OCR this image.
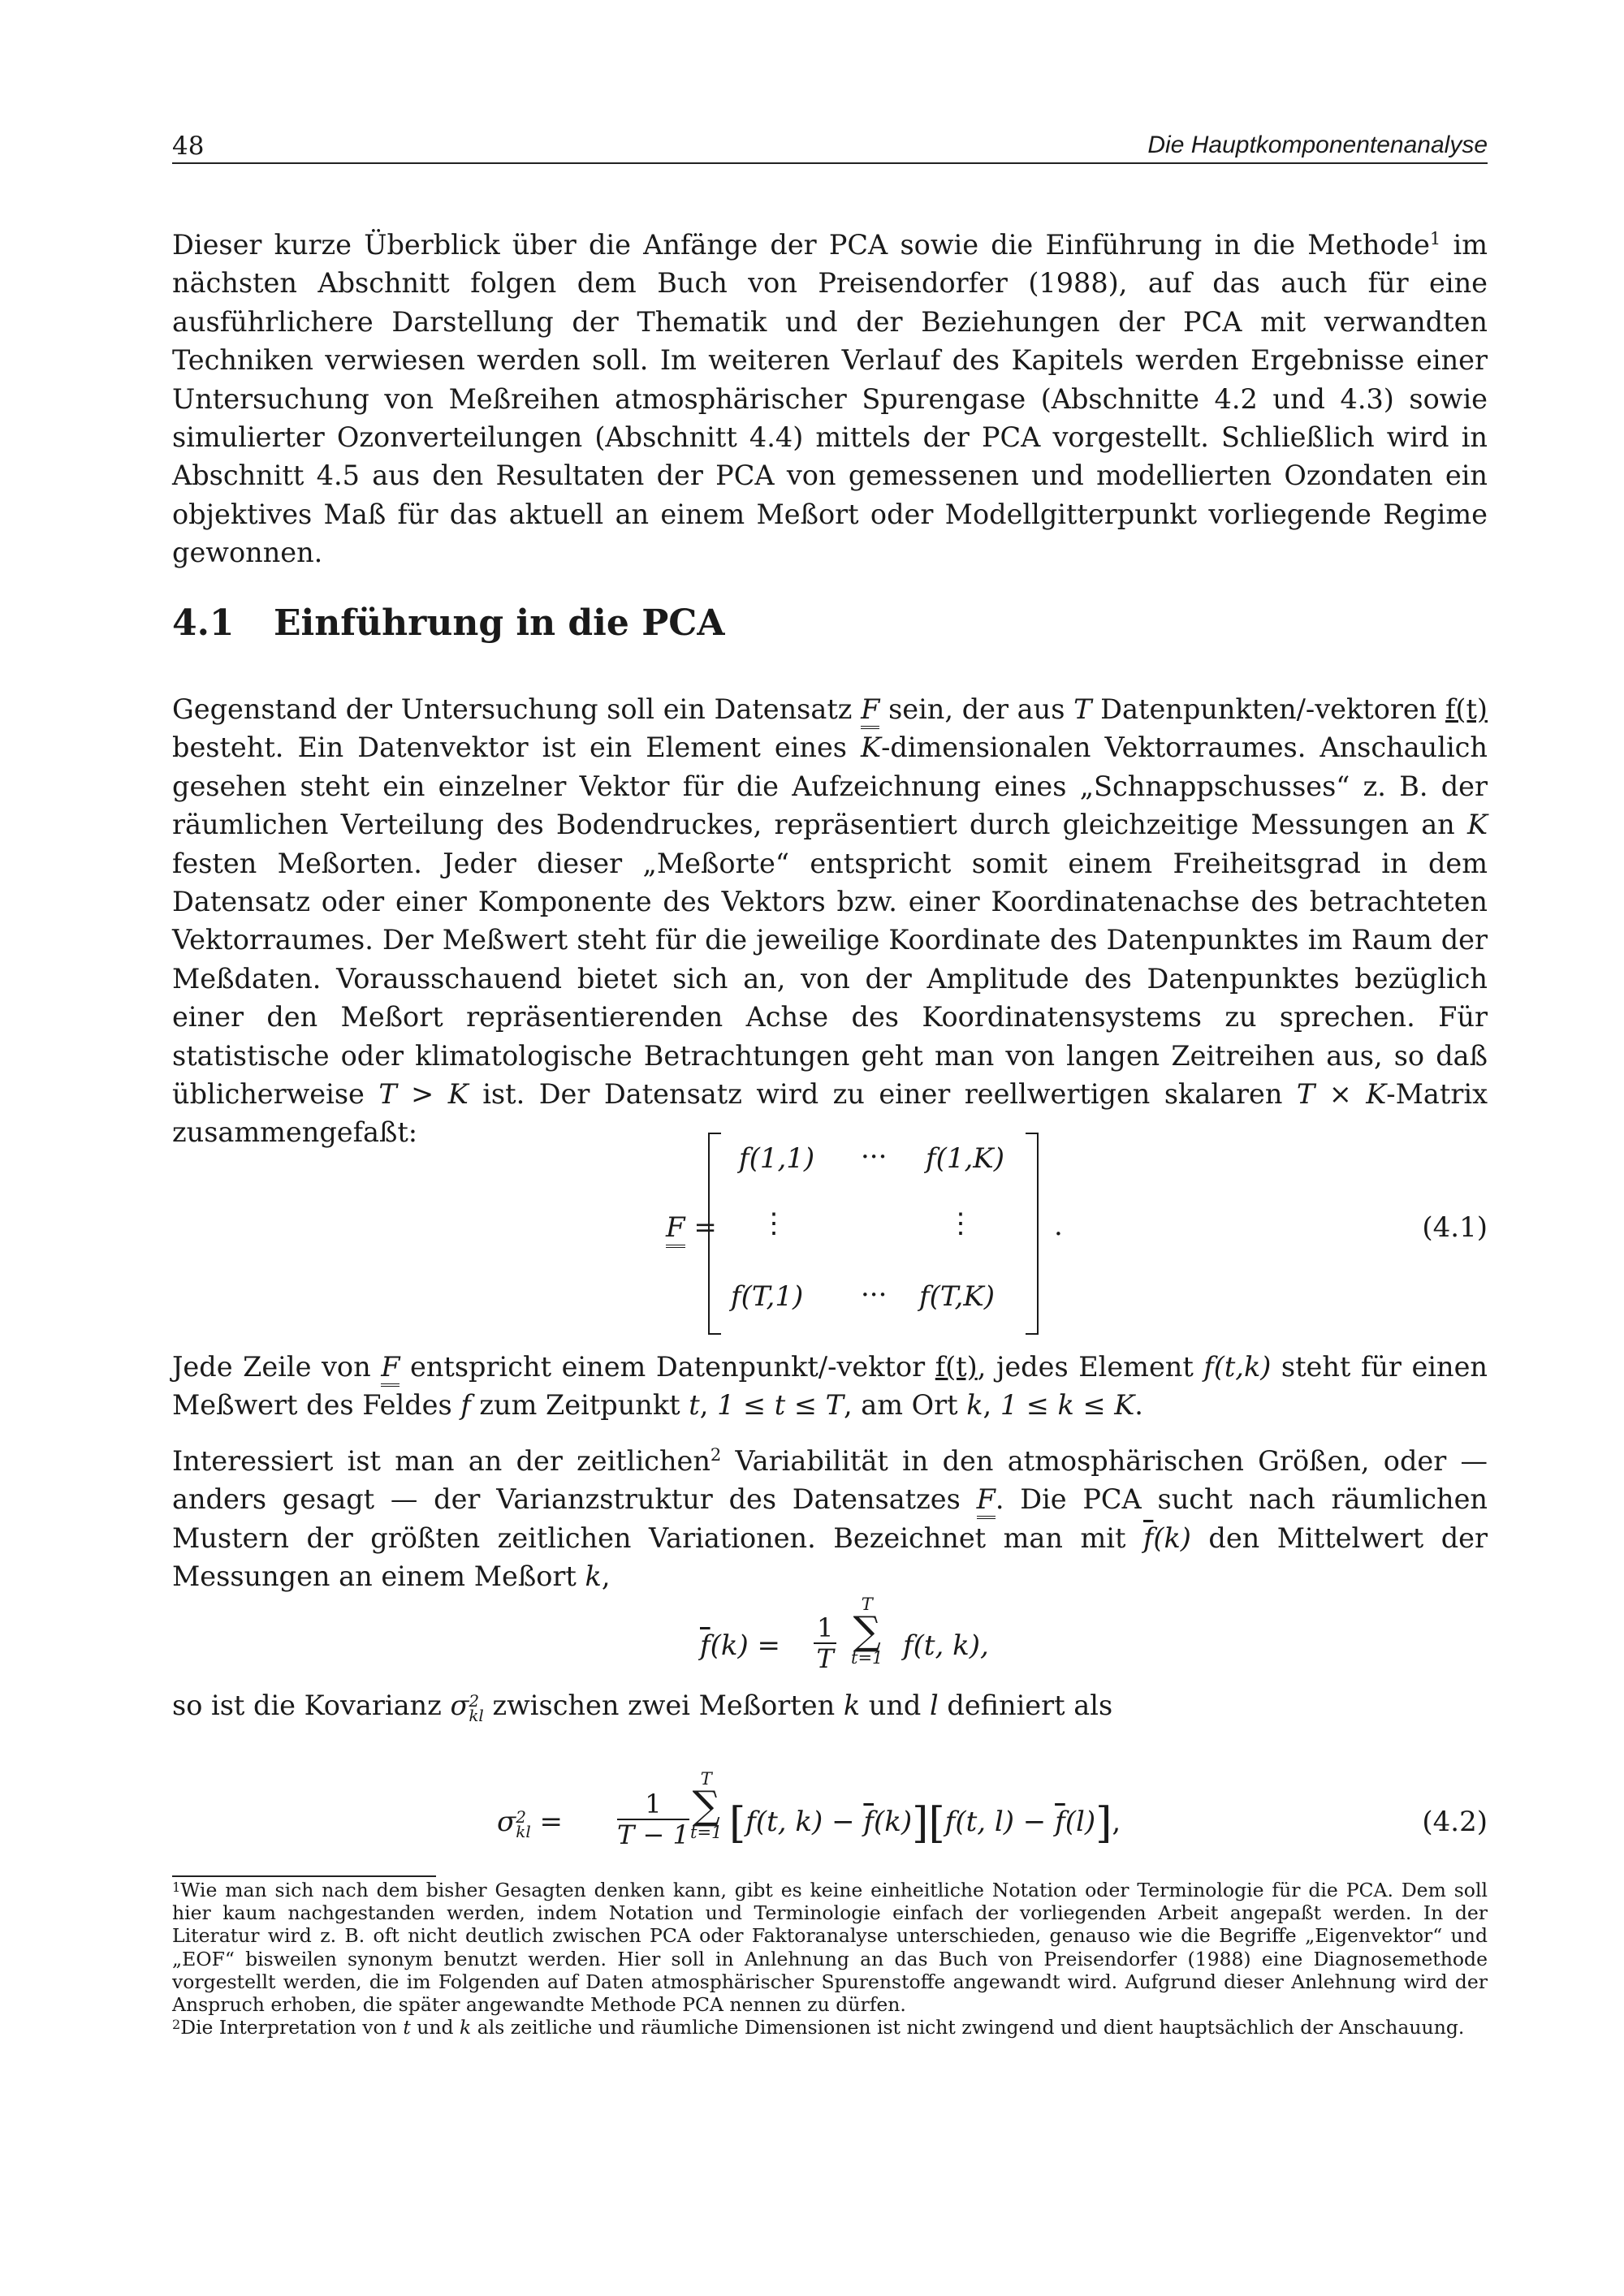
48	Die Hauptkomponentenanalyse

Dieser kurze Überblick über die Anfänge der PCA sowie die Einführung in die Methode$^1$ im nächsten Abschnitt folgen dem Buch von Preisendorfer (1988), auf das auch für eine ausführlichere Darstellung der Thematik und der Beziehungen der PCA mit verwandten Techniken verwiesen werden soll. Im weiteren Verlauf des Kapitels werden Ergebnisse einer Untersuchung von Meßreihen atmosphärischer Spurengase (Abschnitte 4.2 und 4.3) sowie simulierter Ozonverteilungen (Abschnitt 4.4) mittels der PCA vorgestellt. Schließlich wird in Abschnitt 4.5 aus den Resultaten der PCA von gemessenen und modellierten Ozondaten ein objektives Maß für das aktuell an einem Meßort oder Modellgitterpunkt vorliegende Regime gewonnen.

4.1 Einführung in die PCA

Gegenstand der Untersuchung soll ein Datensatz F sein, der aus T Datenpunkten/-vektoren f(t) besteht. Ein Datenvektor ist ein Element eines K-dimensionalen Vektorraumes. Anschaulich gesehen steht ein einzelner Vektor für die Aufzeichnung eines „Schnappschusses“ z. B. der räumlichen Verteilung des Bodendruckes, repräsentiert durch gleichzeitige Messungen an K festen Meßorten. Jeder dieser „Meßorte“ entspricht somit einem Freiheitsgrad in dem Datensatz oder einer Komponente des Vektors bzw. einer Koordinatenachse des betrachteten Vektorraumes. Der Meßwert steht für die jeweilige Koordinate des Datenpunktes im Raum der Meßdaten. Vorausschauend bietet sich an, von der Amplitude des Datenpunktes bezüglich einer den Meßort repräsentierenden Achse des Koordinatensystems zu sprechen. Für statistische oder klimatologische Betrachtungen geht man von langen Zeitreihen aus, so daß üblicherweise T > K ist. Der Datensatz wird zu einer reellwertigen skalaren T × K-Matrix zusammengefaßt:

F =
f(1,1) ··· f(1,K)
⋮	⋮
f(T,1) ··· f(T,K)
.	(4.1)

Jede Zeile von F entspricht einem Datenpunkt/-vektor f(t), jedes Element f(t,k) steht für einen Meßwert des Feldes f zum Zeitpunkt t, 1 ≤ t ≤ T, am Ort k, 1 ≤ k ≤ K.

Interessiert ist man an der zeitlichen$^2$ Variabilität in den atmosphärischen Größen, oder — anders gesagt — der Varianzstruktur des Datensatzes F. Die PCA sucht nach räumlichen Mustern der größten zeitlichen Variationen. Bezeichnet man mit $\overline{f}(k)$ den Mittelwert der Messungen an einem Meßort k,

$\overline{f}(k) = \frac{1}{T}$
T
∑
t=1 f(t, k),

so ist die Kovarianz σ 2
kl zwischen zwei Meßorten k und l definiert als

σ 2
kl = $\frac{1}{T - 1}$
T
∑
t=1 [f(t, $k) - \overline{f}(k)][f(t$, $l) - \overline{f}(l)$],	(4.2)

$^1$Wie man sich nach dem bisher Gesagten denken kann, gibt es keine einheitliche Notation oder Terminologie für die PCA. Dem soll hier kaum nachgestanden werden, indem Notation und Terminologie einfach der vorliegenden Arbeit angepaßt werden. In der Literatur wird z. B. oft nicht deutlich zwischen PCA oder Faktoranalyse unterschieden, genauso wie die Begriffe „Eigenvektor“ und „EOF“ bisweilen synonym benutzt werden. Hier soll in Anlehnung an das Buch von Preisendorfer (1988) eine Diagnosemethode vorgestellt werden, die im Folgenden auf Daten atmosphärischer Spurenstoffe angewandt wird. Aufgrund dieser Anlehnung wird der Anspruch erhoben, die später angewandte Methode PCA nennen zu dürfen.

$^2$Die Interpretation von t und k als zeitliche und räumliche Dimensionen ist nicht zwingend und dient hauptsächlich der Anschauung.
